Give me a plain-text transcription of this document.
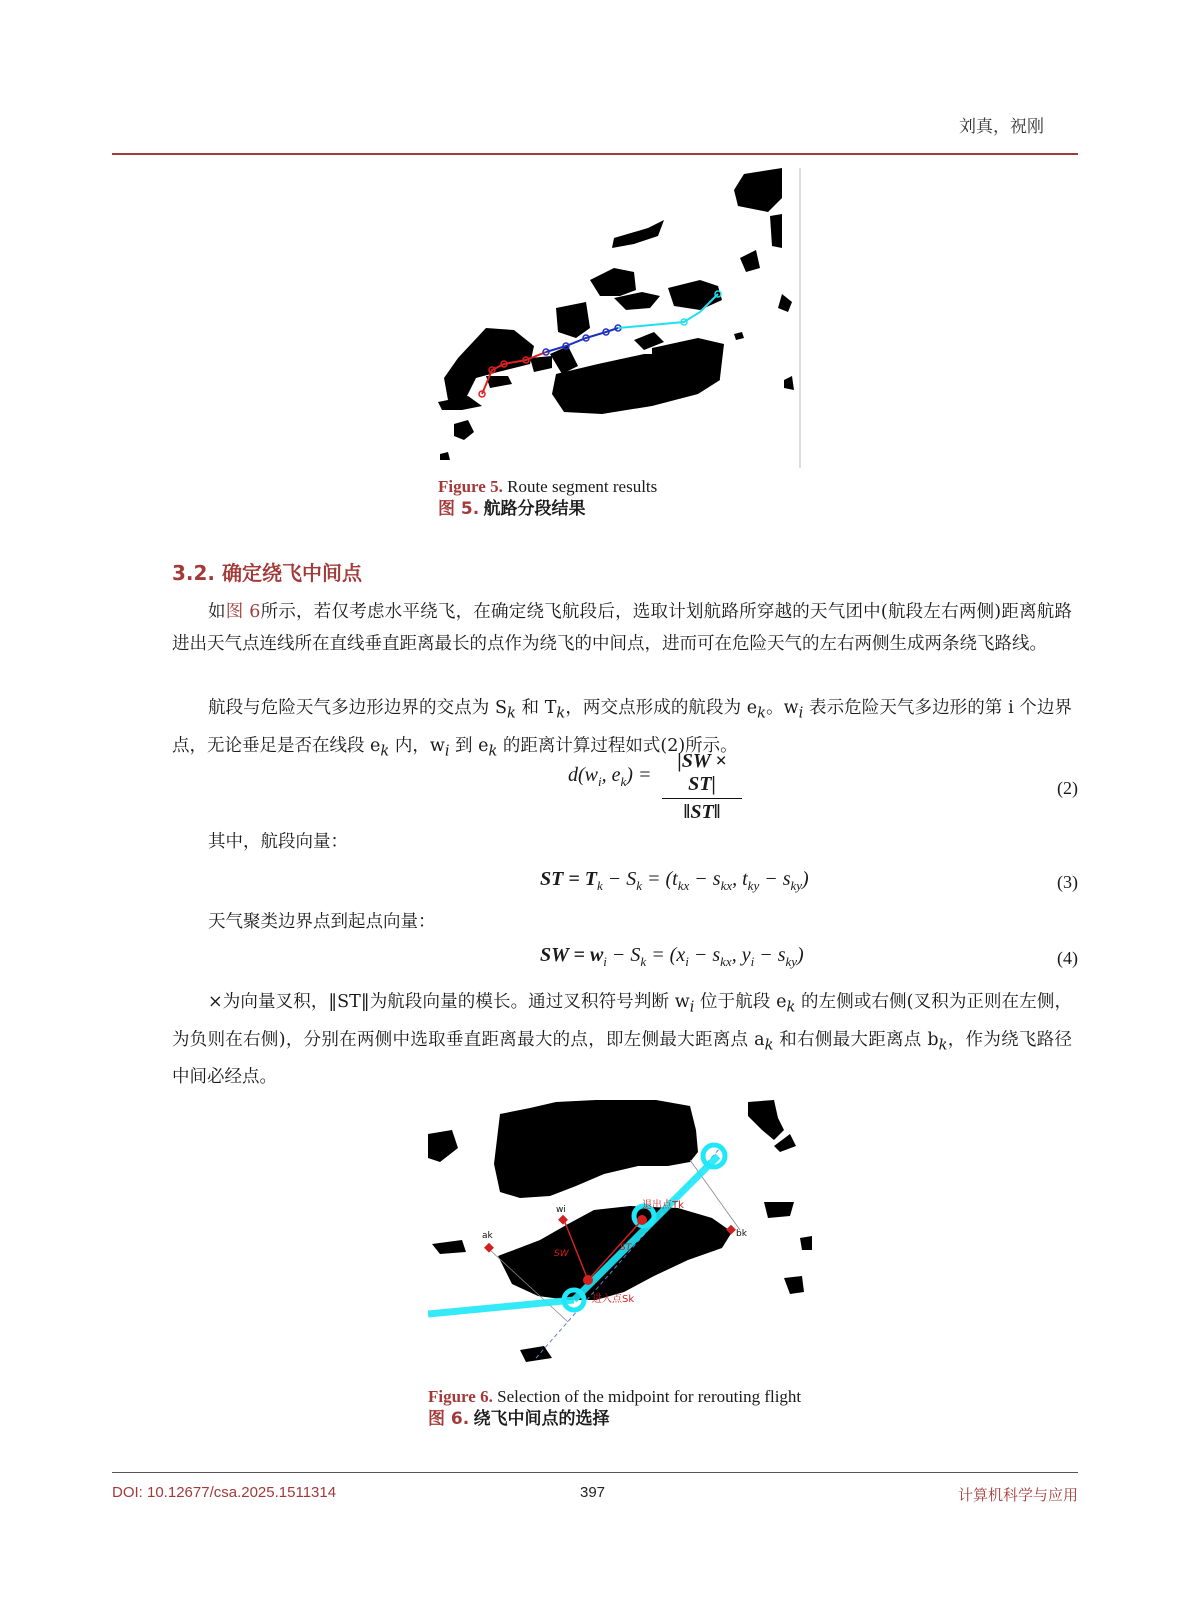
刘真，祝刚
Figure 5. Route segment results
图 5. 航路分段结果
3.2. 确定绕飞中间点
如图 6所示，若仅考虑水平绕飞，在确定绕飞航段后，选取计划航路所穿越的天气团中(航段左右两侧)距离航路进出天气点连线所在直线垂直距离最长的点作为绕飞的中间点，进而可在危险天气的左右两侧生成两条绕飞路线。
航段与危险天气多边形边界的交点为 $S_k$ 和 $T_k$，两交点形成的航段为 $e_k$。$w_i$ 表示危险天气多边形的第 i 个边界点，无论垂足是否在线段 $e_k$ 内，$w_i$ 到 $e_k$ 的距离计算过程如式(2)所示。
$d(w_i$, $e_k) = \frac{|SW \times ST|}{‖ST‖}$	(2)
其中，航段向量：
ST = $T_k - S_k = (t_{kx} - s_{kx}$, $t_{ky} - s_{ky}$)	(3)
天气聚类边界点到起点向量：
SW = $w_i - S_k = (x_i - s_{kx}$, $y_i - s_{ky}$)	(4)
×为向量叉积，‖ST‖为航段向量的模长。通过叉积符号判断 $w_i$ 位于航段 $e_k$ 的左侧或右侧(叉积为正则在左侧，为负则在右侧)，分别在两侧中选取垂直距离最大的点，即左侧最大距离点 $a_k$ 和右侧最大距离点 $b_k$，作为绕飞路径中间必经点。
退出点Tk
进入点Sk
wi
ak	bk
SW
ST
Figure 6. Selection of the midpoint for rerouting flight
图 6. 绕飞中间点的选择
DOI: 10.12677/csa.2025.1511314	397	计算机科学与应用
